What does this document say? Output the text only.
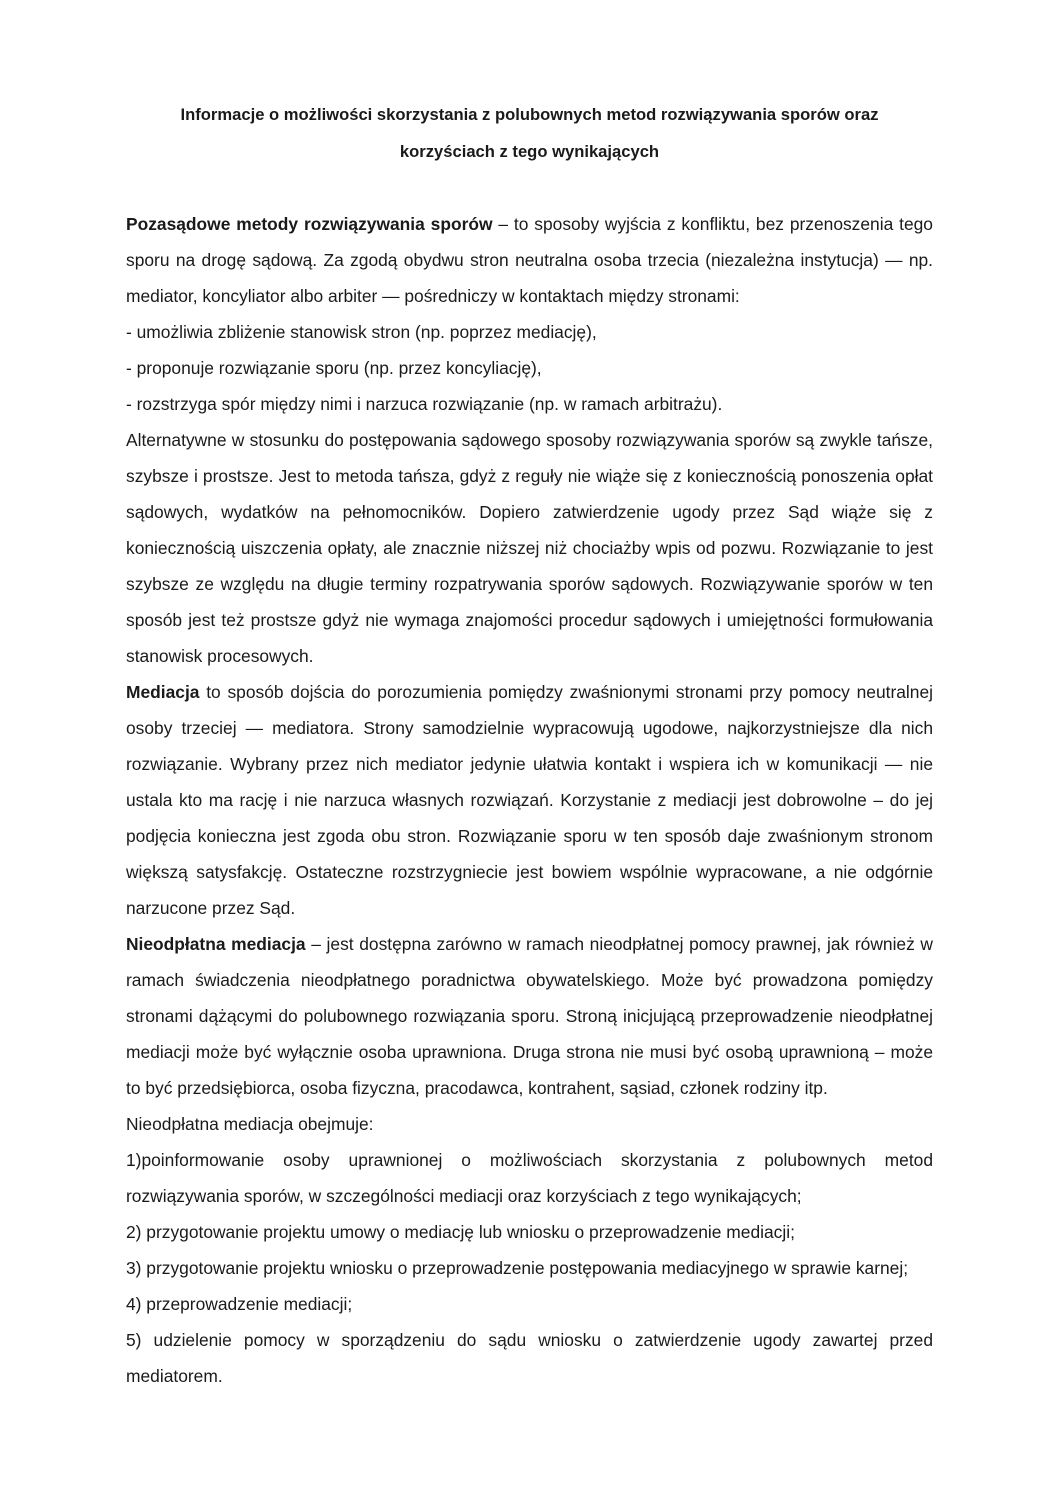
Informacje o możliwości skorzystania z polubownych metod rozwiązywania sporów oraz
korzyściach z tego wynikających

Pozasądowe metody rozwiązywania sporów – to sposoby wyjścia z konfliktu, bez przenoszenia tego sporu na drogę sądową. Za zgodą obydwu stron neutralna osoba trzecia (niezależna instytucja) — np. mediator, koncyliator albo arbiter — pośredniczy w kontaktach między stronami:

- umożliwia zbliżenie stanowisk stron (np. poprzez mediację),

- proponuje rozwiązanie sporu (np. przez koncyliację),

- rozstrzyga spór między nimi i narzuca rozwiązanie (np. w ramach arbitrażu).

Alternatywne w stosunku do postępowania sądowego sposoby rozwiązywania sporów są zwykle tańsze, szybsze i prostsze. Jest to metoda tańsza, gdyż z reguły nie wiąże się z koniecznością ponoszenia opłat sądowych, wydatków na pełnomocników. Dopiero zatwierdzenie ugody przez Sąd wiąże się z koniecznością uiszczenia opłaty, ale znacznie niższej niż chociażby wpis od pozwu. Rozwiązanie to jest szybsze ze względu na długie terminy rozpatrywania sporów sądowych. Rozwiązywanie sporów w ten sposób jest też prostsze gdyż nie wymaga znajomości procedur sądowych i umiejętności formułowania stanowisk procesowych.

Mediacja to sposób dojścia do porozumienia pomiędzy zwaśnionymi stronami przy pomocy neutralnej osoby trzeciej — mediatora. Strony samodzielnie wypracowują ugodowe, najkorzystniejsze dla nich rozwiązanie. Wybrany przez nich mediator jedynie ułatwia kontakt i wspiera ich w komunikacji — nie ustala kto ma rację i nie narzuca własnych rozwiązań. Korzystanie z mediacji jest dobrowolne – do jej podjęcia konieczna jest zgoda obu stron. Rozwiązanie sporu w ten sposób daje zwaśnionym stronom większą satysfakcję. Ostateczne rozstrzygniecie jest bowiem wspólnie wypracowane, a nie odgórnie narzucone przez Sąd.

Nieodpłatna mediacja – jest dostępna zarówno w ramach nieodpłatnej pomocy prawnej, jak również w ramach świadczenia nieodpłatnego poradnictwa obywatelskiego. Może być prowadzona pomiędzy stronami dążącymi do polubownego rozwiązania sporu. Stroną inicjującą przeprowadzenie nieodpłatnej mediacji może być wyłącznie osoba uprawniona. Druga strona nie musi być osobą uprawnioną – może to być przedsiębiorca, osoba fizyczna, pracodawca, kontrahent, sąsiad, członek rodziny itp.

Nieodpłatna mediacja obejmuje:

1)poinformowanie osoby uprawnionej o możliwościach skorzystania z polubownych metod rozwiązywania sporów, w szczególności mediacji oraz korzyściach z tego wynikających;

2) przygotowanie projektu umowy o mediację lub wniosku o przeprowadzenie mediacji;

3) przygotowanie projektu wniosku o przeprowadzenie postępowania mediacyjnego w sprawie karnej;

4) przeprowadzenie mediacji;

5) udzielenie pomocy w sporządzeniu do sądu wniosku o zatwierdzenie ugody zawartej przed mediatorem.
